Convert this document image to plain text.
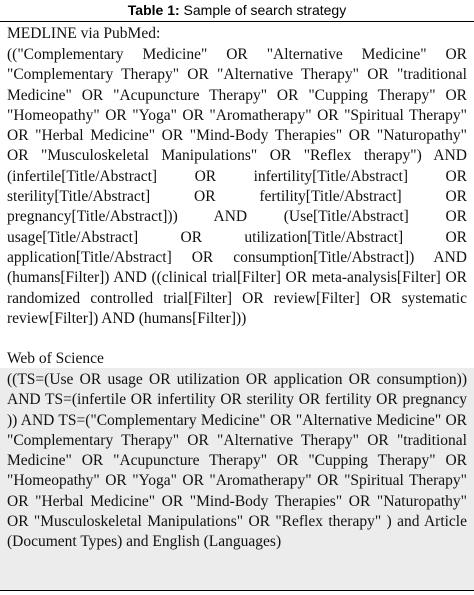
Table 1: Sample of search strategy

MEDLINE via PubMed:

(("Complementary Medicine" OR "Alternative Medicine" OR "Complementary Therapy" OR "Alternative Therapy" OR "traditional Medicine" OR "Acupuncture Therapy" OR "Cupping Therapy" OR "Homeopathy" OR "Yoga" OR "Aromatherapy" OR "Spiritual Therapy" OR "Herbal Medicine" OR "Mind-Body Therapies" OR "Naturopathy" OR "Musculoskeletal Manipulations" OR "Reflex therapy") AND (infertile[Title/Abstract] OR infertility[Title/Abstract] OR sterility[Title/Abstract] OR fertility[Title/Abstract] OR pregnancy[Title/Abstract])) AND (Use[Title/Abstract] OR usage[Title/Abstract] OR utilization[Title/Abstract] OR application[Title/Abstract] OR consumption[Title/Abstract]) AND (humans[Filter]) AND ((clinical trial[Filter] OR meta-analysis[Filter] OR randomized controlled trial[Filter] OR review[Filter] OR systematic review[Filter]) AND (humans[Filter]))

Web of Science

((TS=(Use OR usage OR utilization OR application OR consumption)) AND TS=(infertile OR infertility OR sterility OR fertility OR pregnancy )) AND TS=("Complementary Medicine" OR "Alternative Medicine" OR "Complementary Therapy" OR "Alternative Therapy" OR "traditional Medicine" OR "Acupuncture Therapy" OR "Cupping Therapy" OR "Homeopathy" OR "Yoga" OR "Aromatherapy" OR "Spiritual Therapy" OR "Herbal Medicine" OR "Mind-Body Therapies" OR "Naturopathy" OR "Musculoskeletal Manipulations" OR "Reflex therapy" ) and Article (Document Types) and English (Languages)
